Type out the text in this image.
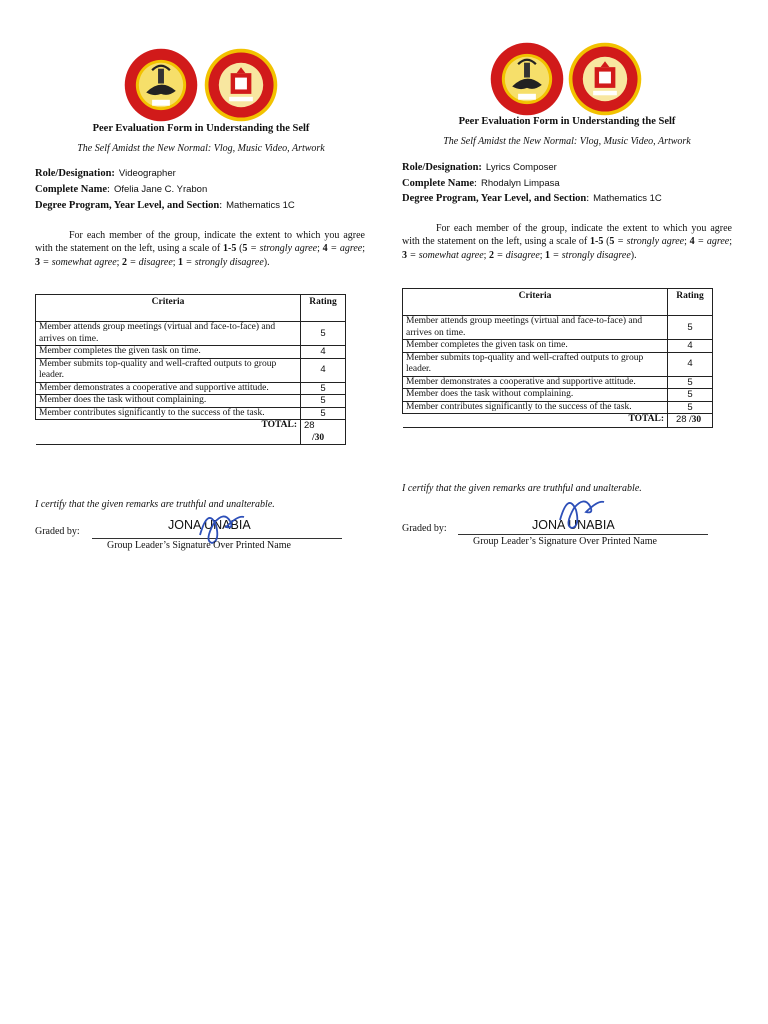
Peer Evaluation Form in Understanding the Self
The Self Amidst the New Normal: Vlog, Music Video, Artwork
Role/Designation: Videographer
Complete Name: Ofelia Jane C. Yrabon
Degree Program, Year Level, and Section: Mathematics 1C
For each member of the group, indicate the extent to which you agree with the statement on the left, using a scale of 1-5 (5 = strongly agree; 4 = agree; 3 = somewhat agree; 2 = disagree; 1 = strongly disagree).
Criteria	Rating
Member attends group meetings (virtual and face-to-face) and arrives on time.	5
Member completes the given task on time.	4
Member submits top-quality and well-crafted outputs to group leader.	4
Member demonstrates a cooperative and supportive attitude.	5
Member does the task without complaining.	5
Member contributes significantly to the success of the task.	5
TOTAL:	28
/30
I certify that the given remarks are truthful and unalterable.
Graded by:	JONA UNABIA
Group Leader’s Signature Over Printed Name
Peer Evaluation Form in Understanding the Self
The Self Amidst the New Normal: Vlog, Music Video, Artwork
Role/Designation: Lyrics Composer
Complete Name: Rhodalyn Limpasa
Degree Program, Year Level, and Section: Mathematics 1C
For each member of the group, indicate the extent to which you agree with the statement on the left, using a scale of 1-5 (5 = strongly agree; 4 = agree; 3 = somewhat agree; 2 = disagree; 1 = strongly disagree).
Criteria	Rating
Member attends group meetings (virtual and face-to-face) and arrives on time.	5
Member completes the given task on time.	4
Member submits top-quality and well-crafted outputs to group leader.	4
Member demonstrates a cooperative and supportive attitude.	5
Member does the task without complaining.	5
Member contributes significantly to the success of the task.	5
TOTAL:	28 /30
I certify that the given remarks are truthful and unalterable.
Graded by:	JONA UNABIA
Group Leader’s Signature Over Printed Name
